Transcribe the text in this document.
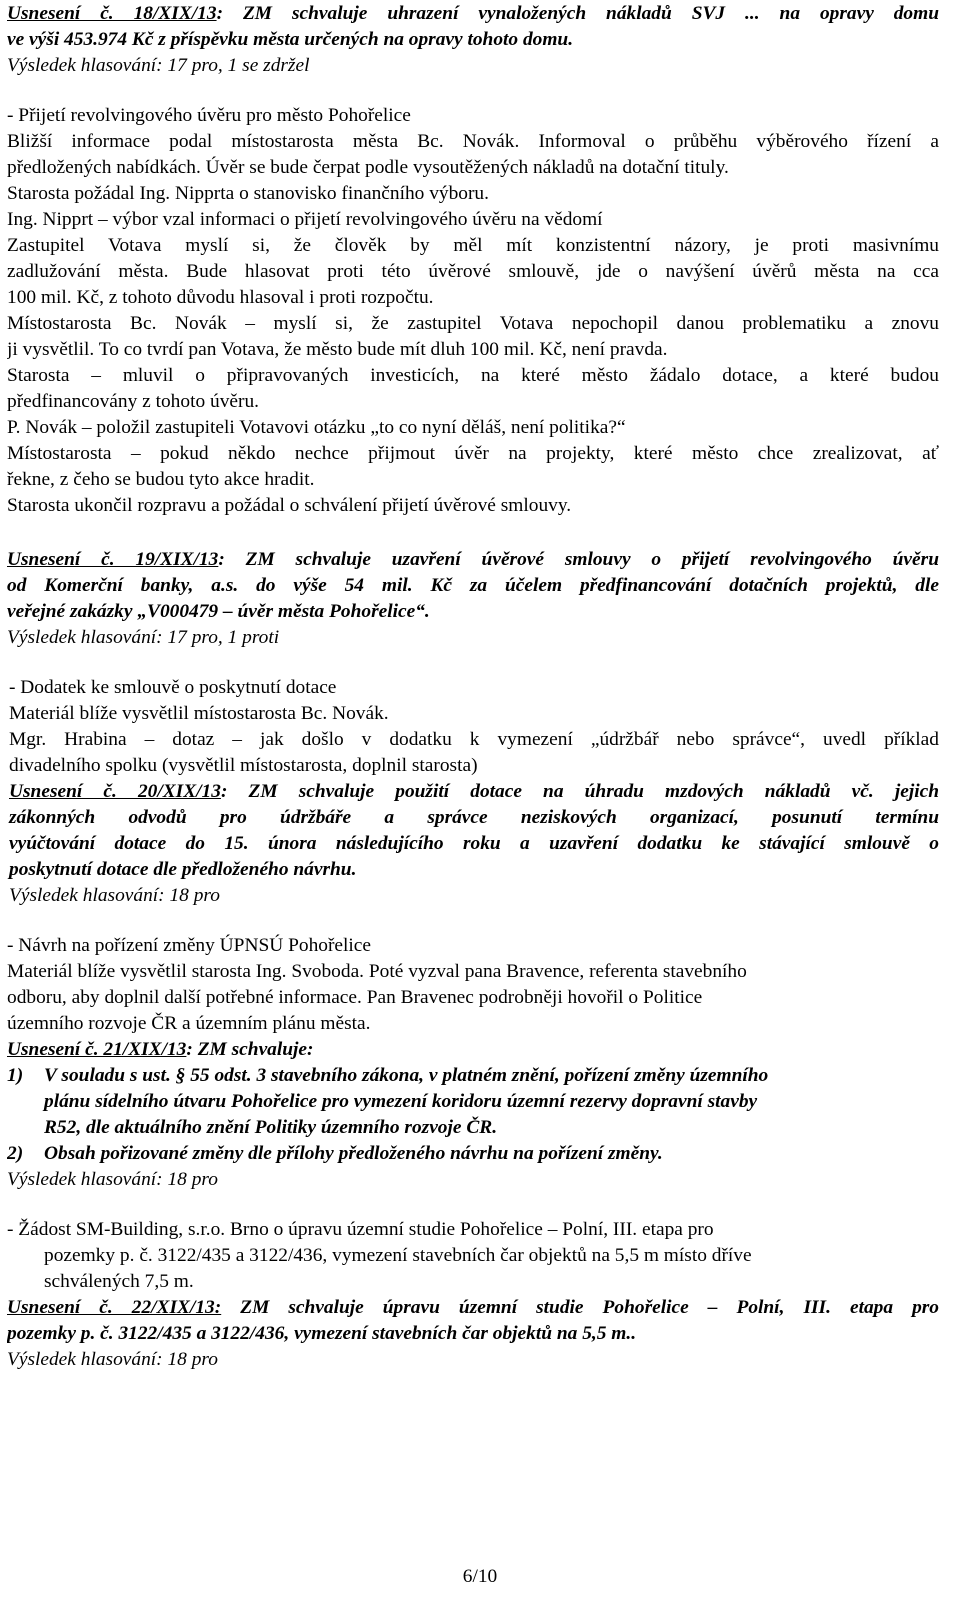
Usnesení č. 18/XIX/13: ZM schvaluje uhrazení vynaložených nákladů SVJ ... na opravy domu
ve výši 453.974 Kč z příspěvku města určených na opravy tohoto domu.
Výsledek hlasování: 17 pro, 1 se zdržel
- Přijetí revolvingového úvěru pro město Pohořelice
Bližší informace podal místostarosta města Bc. Novák. Informoval o průběhu výběrového řízení a
předložených nabídkách. Úvěr se bude čerpat podle vysoutěžených nákladů na dotační tituly.
Starosta požádal Ing. Nipprta o stanovisko finančního výboru.
Ing. Nipprt – výbor vzal informaci o přijetí revolvingového úvěru na vědomí
Zastupitel Votava myslí si, že člověk by měl mít konzistentní názory, je proti masivnímu
zadlužování města. Bude hlasovat proti této úvěrové smlouvě, jde o navýšení úvěrů města na cca
100 mil. Kč, z tohoto důvodu hlasoval i proti rozpočtu.
Místostarosta Bc. Novák – myslí si, že zastupitel Votava nepochopil danou problematiku a znovu
ji vysvětlil. To co tvrdí pan Votava, že město bude mít dluh 100 mil. Kč, není pravda.
Starosta – mluvil o připravovaných investicích, na které město žádalo dotace, a které budou
předfinancovány z tohoto úvěru.
P. Novák – položil zastupiteli Votavovi otázku „to co nyní děláš, není politika?“
Místostarosta – pokud někdo nechce přijmout úvěr na projekty, které město chce zrealizovat, ať
řekne, z čeho se budou tyto akce hradit.
Starosta ukončil rozpravu a požádal o schválení přijetí úvěrové smlouvy.
Usnesení č. 19/XIX/13: ZM schvaluje uzavření úvěrové smlouvy o přijetí revolvingového úvěru
od Komerční banky, a.s. do výše 54 mil. Kč za účelem předfinancování dotačních projektů, dle
veřejné zakázky „V000479 – úvěr města Pohořelice“.
Výsledek hlasování: 17 pro, 1 proti
- Dodatek ke smlouvě o poskytnutí dotace
Materiál blíže vysvětlil místostarosta Bc. Novák.
Mgr. Hrabina – dotaz – jak došlo v dodatku k vymezení „údržbář nebo správce“, uvedl příklad
divadelního spolku (vysvětlil místostarosta, doplnil starosta)
Usnesení č. 20/XIX/13: ZM schvaluje použití dotace na úhradu mzdových nákladů vč. jejich
zákonných odvodů pro údržbáře a správce neziskových organizací, posunutí termínu
vyúčtování dotace do 15. února následujícího roku a uzavření dodatku ke stávající smlouvě o
poskytnutí dotace dle předloženého návrhu.
Výsledek hlasování: 18 pro
- Návrh na pořízení změny ÚPNSÚ Pohořelice
Materiál blíže vysvětlil starosta Ing. Svoboda. Poté vyzval pana Bravence, referenta stavebního
odboru, aby doplnil další potřebné informace. Pan Bravenec podrobněji hovořil o Politice
územního rozvoje ČR a územním plánu města.
Usnesení č. 21/XIX/13: ZM schvaluje:
1) V souladu s ust. § 55 odst. 3 stavebního zákona, v platném znění, pořízení změny územního
plánu sídelního útvaru Pohořelice pro vymezení koridoru územní rezervy dopravní stavby
R52, dle aktuálního znění Politiky územního rozvoje ČR.
2) Obsah pořizované změny dle přílohy předloženého návrhu na pořízení změny.
Výsledek hlasování: 18 pro
- Žádost SM-Building, s.r.o. Brno o úpravu územní studie Pohořelice – Polní, III. etapa pro
pozemky p. č. 3122/435 a 3122/436, vymezení stavebních čar objektů na 5,5 m místo dříve
schválených 7,5 m.
Usnesení č. 22/XIX/13: ZM schvaluje úpravu územní studie Pohořelice – Polní, III. etapa pro
pozemky p. č. 3122/435 a 3122/436, vymezení stavebních čar objektů na 5,5 m..
Výsledek hlasování: 18 pro
6/10
